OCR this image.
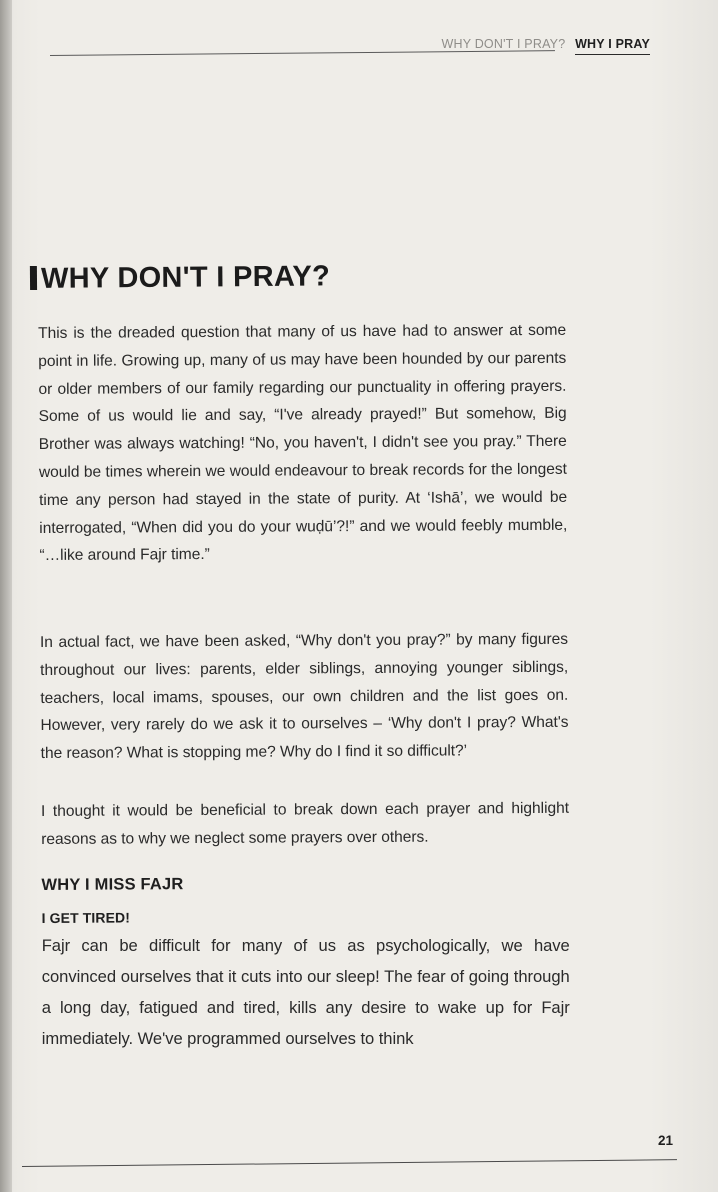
WHY DON'T I PRAY? WHY I PRAY
WHY DON'T I PRAY?

This is the dreaded question that many of us have had to answer at some point in life. Growing up, many of us may have been hounded by our parents or older members of our family regarding our punctuality in offering prayers. Some of us would lie and say, “I've already prayed!” But somehow, Big Brother was always watching! “No, you haven't, I didn't see you pray.” There would be times wherein we would endeavour to break records for the longest time any person had stayed in the state of purity. At ‘Ishā’, we would be interrogated, “When did you do your wuḍū’?!” and we would feebly mumble, “…like around Fajr time.”

In actual fact, we have been asked, “Why don't you pray?” by many figures throughout our lives: parents, elder siblings, annoying younger siblings, teachers, local imams, spouses, our own children and the list goes on. However, very rarely do we ask it to ourselves – ‘Why don't I pray? What's the reason? What is stopping me? Why do I find it so difficult?’

I thought it would be beneficial to break down each prayer and highlight reasons as to why we neglect some prayers over others.

WHY I MISS FAJR
I GET TIRED!

Fajr can be difficult for many of us as psychologically, we have convinced ourselves that it cuts into our sleep! The fear of going through a long day, fatigued and tired, kills any desire to wake up for Fajr immediately. We've programmed ourselves to think

21
